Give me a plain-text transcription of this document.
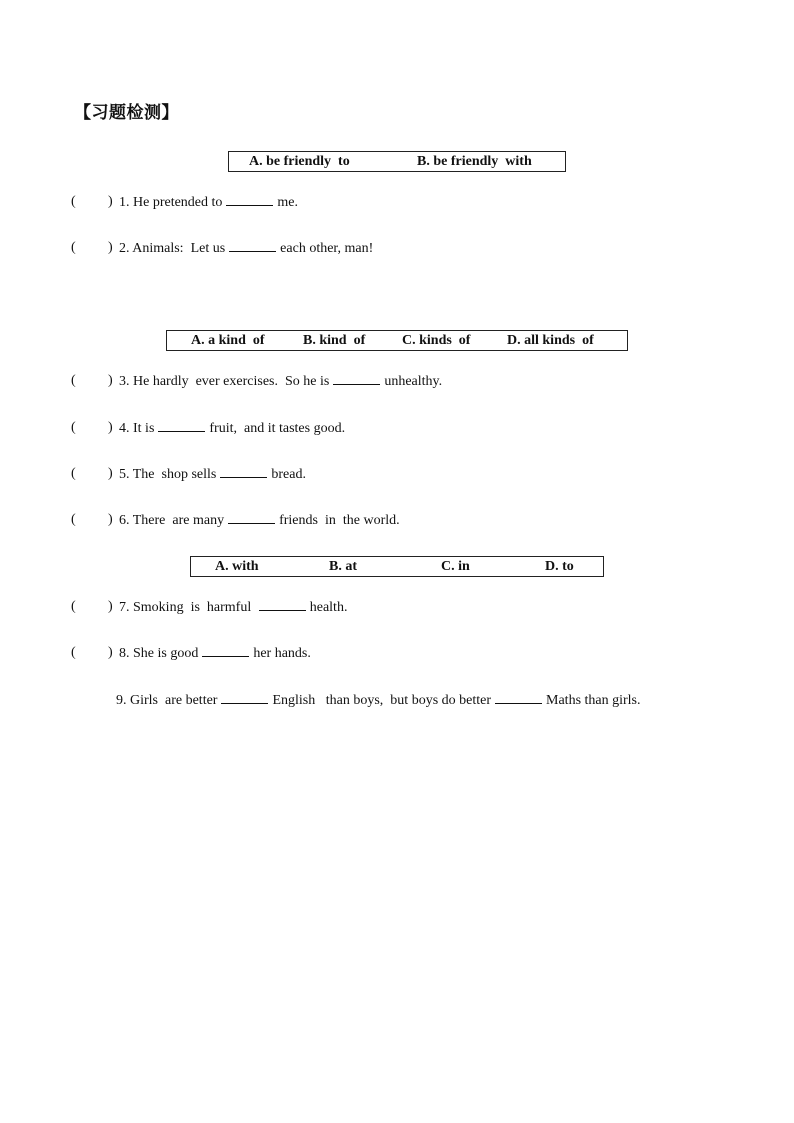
【习题检测】
A. be friendly  to	B. be friendly  with
( ) 1. He pretended to	me.
( ) 2. Animals:  Let us	each other, man!
A. a kind  of	B. kind  of	C. kinds  of	D. all kinds  of
( ) 3. He hardly  ever exercises.  So he is	unhealthy.
( ) 4. It is	fruit,  and it tastes good.
( ) 5. The  shop sells	bread.
( ) 6. There  are many	friends  in  the world.
A. with	B. at	C. in	D. to
( ) 7. Smoking  is  harmful	health.
( ) 8. She is good	her hands.
9. Girls  are better	English   than boys,  but boys do better	Maths than girls.
